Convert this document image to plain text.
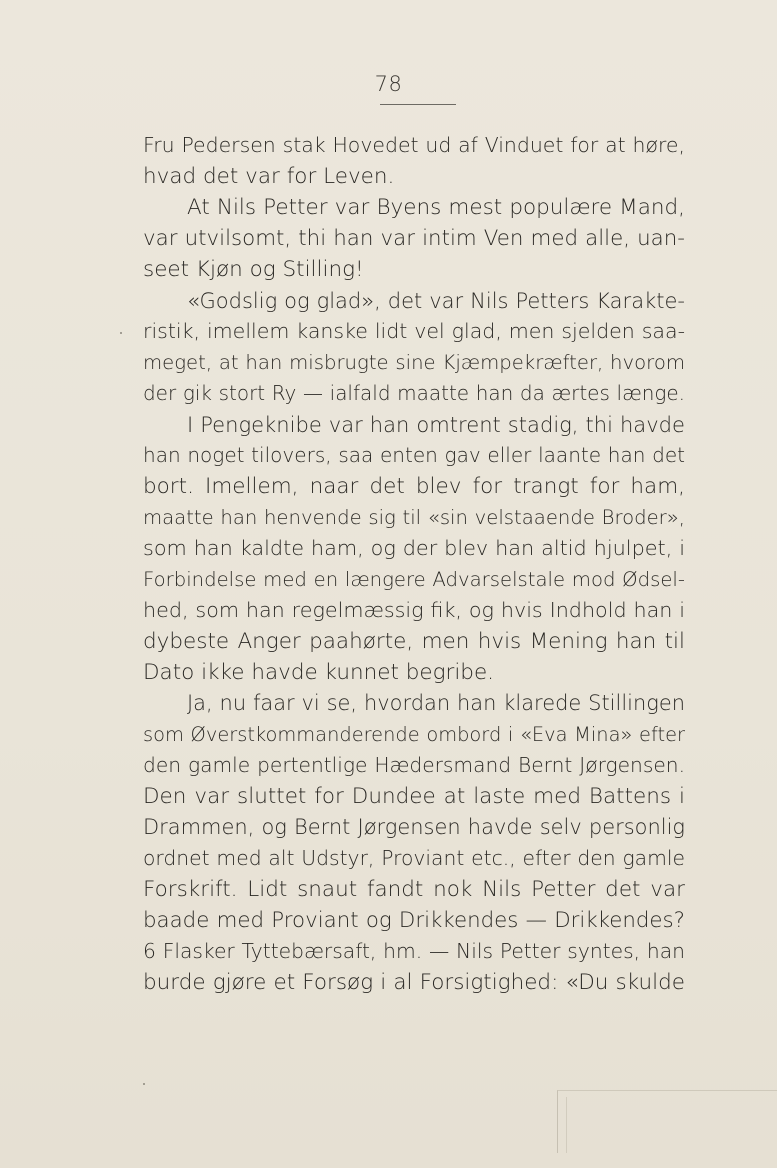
78
Fru Pedersen stak Hovedet ud af Vinduet for at høre,
hvad det var for Leven.
At Nils Petter var Byens mest populære Mand,
var utvilsomt, thi han var intim Ven med alle, uan-
seet Kjøn og Stilling!
«Godslig og glad», det var Nils Petters Karakte-
ristik, imellem kanske lidt vel glad, men sjelden saa-
meget, at han misbrugte sine Kjæmpekræfter, hvorom
der gik stort Ry — ialfald maatte han da ærtes længe.
I Pengeknibe var han omtrent stadig, thi havde
han noget tilovers, saa enten gav eller laante han det
bort. Imellem, naar det blev for trangt for ham,
maatte han henvende sig til «sin velstaaende Broder»,
som han kaldte ham, og der blev han altid hjulpet, i
Forbindelse med en længere Advarselstale mod Ødsel-
hed, som han regelmæssig fik, og hvis Indhold han i
dybeste Anger paahørte, men hvis Mening han til
Dato ikke havde kunnet begribe.
Ja, nu faar vi se, hvordan han klarede Stillingen
som Øverstkommanderende ombord i «Eva Mina» efter
den gamle pertentlige Hædersmand Bernt Jørgensen.
Den var sluttet for Dundee at laste med Battens i
Drammen, og Bernt Jørgensen havde selv personlig
ordnet med alt Udstyr, Proviant etc., efter den gamle
Forskrift. Lidt snaut fandt nok Nils Petter det var
baade med Proviant og Drikkendes — Drikkendes?
6 Flasker Tyttebærsaft, hm. — Nils Petter syntes, han
burde gjøre et Forsøg i al Forsigtighed: «Du skulde
